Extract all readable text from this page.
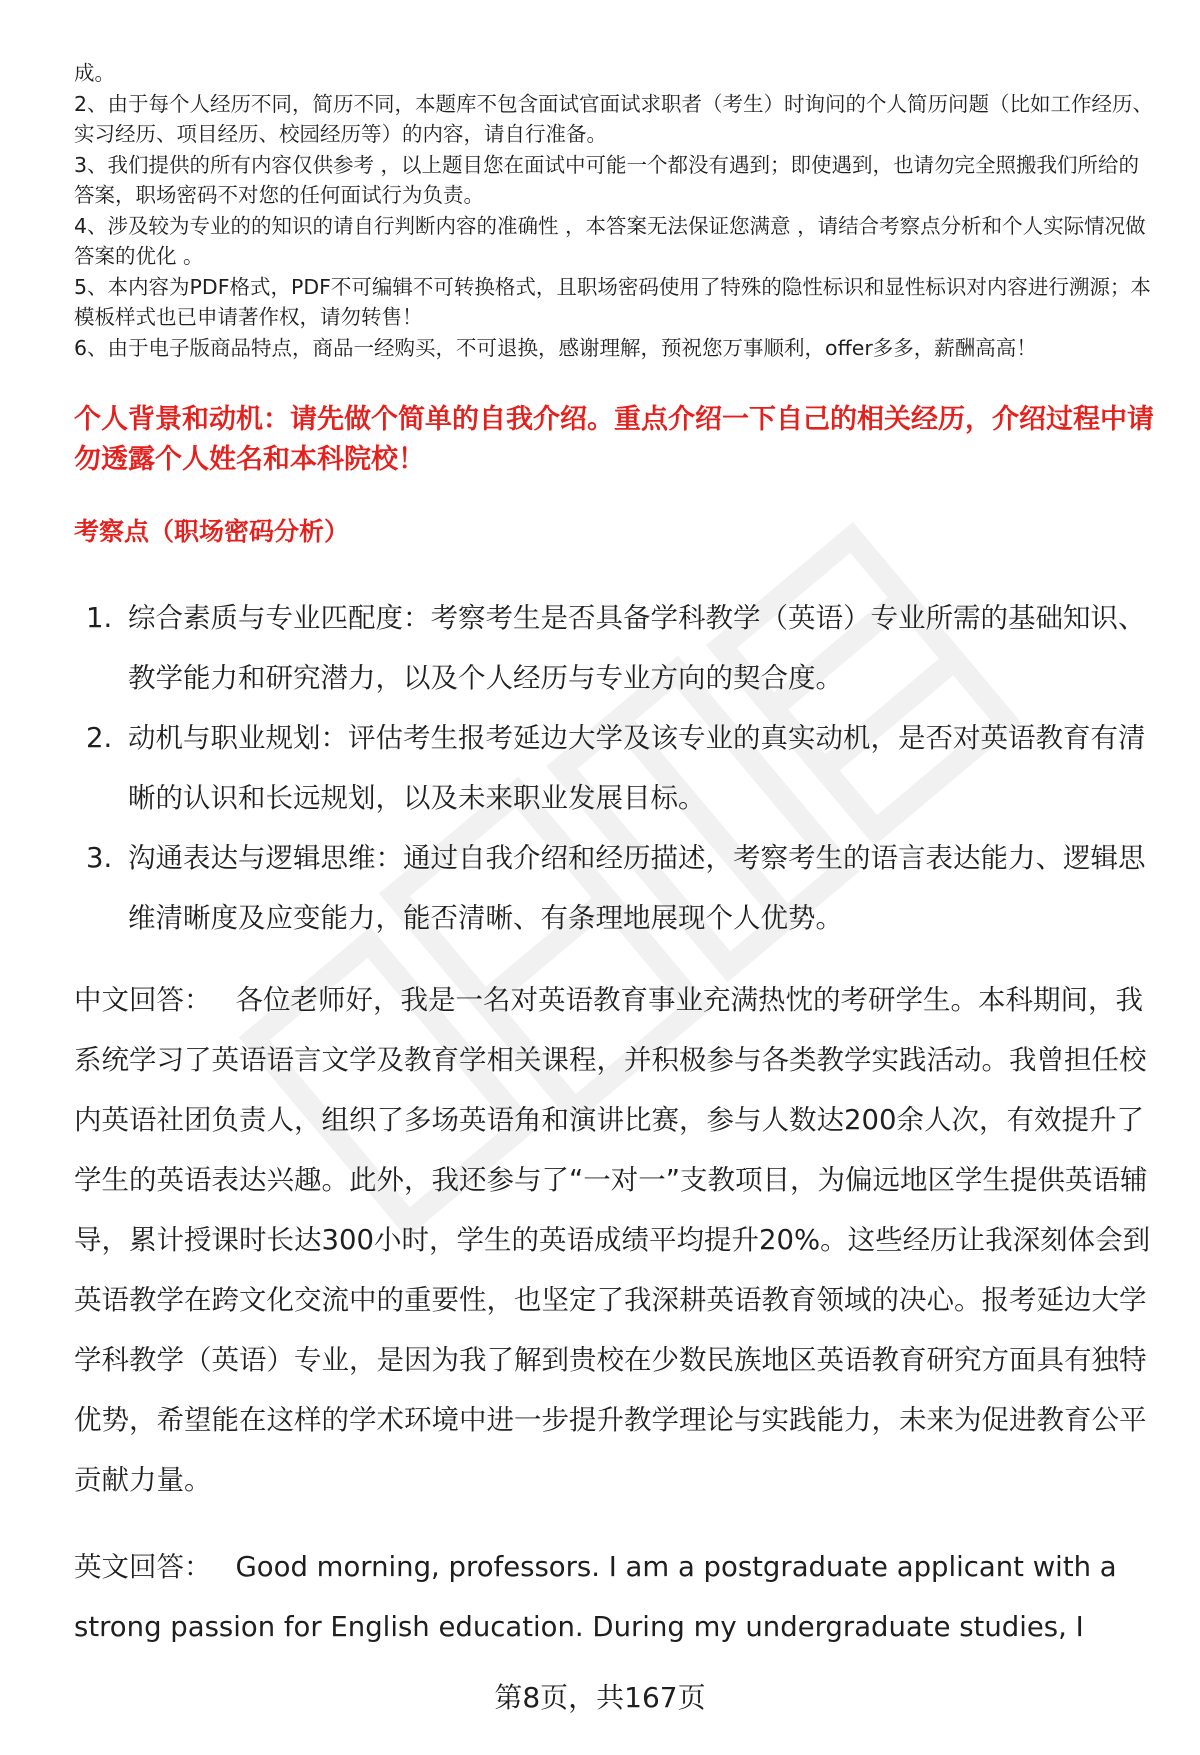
成。

2、由于每个人经历不同，简历不同，本题库不包含面试官面试求职者（考生）时询问的个人简历问题（比如工作经历、实习经历、项目经历、校园经历等）的内容，请自行准备。

3、我们提供的所有内容仅供参考 ，以上题目您在面试中可能一个都没有遇到；即使遇到，也请勿完全照搬我们所给的答案，职场密码不对您的任何面试行为负责。

4、涉及较为专业的的知识的请自行判断内容的准确性 ，本答案无法保证您满意 ，请结合考察点分析和个人实际情况做答案的优化 。

5、本内容为PDF格式，PDF不可编辑不可转换格式，且职场密码使用了特殊的隐性标识和显性标识对内容进行溯源；本模板样式也已申请著作权，请勿转售！

6、由于电子版商品特点，商品一经购买，不可退换，感谢理解，预祝您万事顺利，offer多多，薪酬高高！

个人背景和动机：请先做个简单的自我介绍。重点介绍一下自己的相关经历，介绍过程中请勿透露个人姓名和本科院校！
考察点（职场密码分析）
1. 综合素质与专业匹配度：考察考生是否具备学科教学（英语）专业所需的基础知识、教学能力和研究潜力，以及个人经历与专业方向的契合度。
2. 动机与职业规划：评估考生报考延边大学及该专业的真实动机，是否对英语教育有清晰的认识和长远规划，以及未来职业发展目标。
3. 沟通表达与逻辑思维：通过自我介绍和经历描述，考察考生的语言表达能力、逻辑思维清晰度及应变能力，能否清晰、有条理地展现个人优势。

中文回答： 各位老师好，我是一名对英语教育事业充满热忱的考研学生。本科期间，我系统学习了英语语言文学及教育学相关课程，并积极参与各类教学实践活动。我曾担任校内英语社团负责人，组织了多场英语角和演讲比赛，参与人数达200余人次，有效提升了学生的英语表达兴趣。此外，我还参与了“一对一”支教项目，为偏远地区学生提供英语辅导，累计授课时长达300小时，学生的英语成绩平均提升20%。这些经历让我深刻体会到英语教学在跨文化交流中的重要性，也坚定了我深耕英语教育领域的决心。报考延边大学学科教学（英语）专业，是因为我了解到贵校在少数民族地区英语教育研究方面具有独特优势，希望能在这样的学术环境中进一步提升教学理论与实践能力，未来为促进教育公平贡献力量。

英文回答： Good morning, professors. I am a postgraduate applicant with a strong passion for English education. During my undergraduate studies, I

第8页，共167页
